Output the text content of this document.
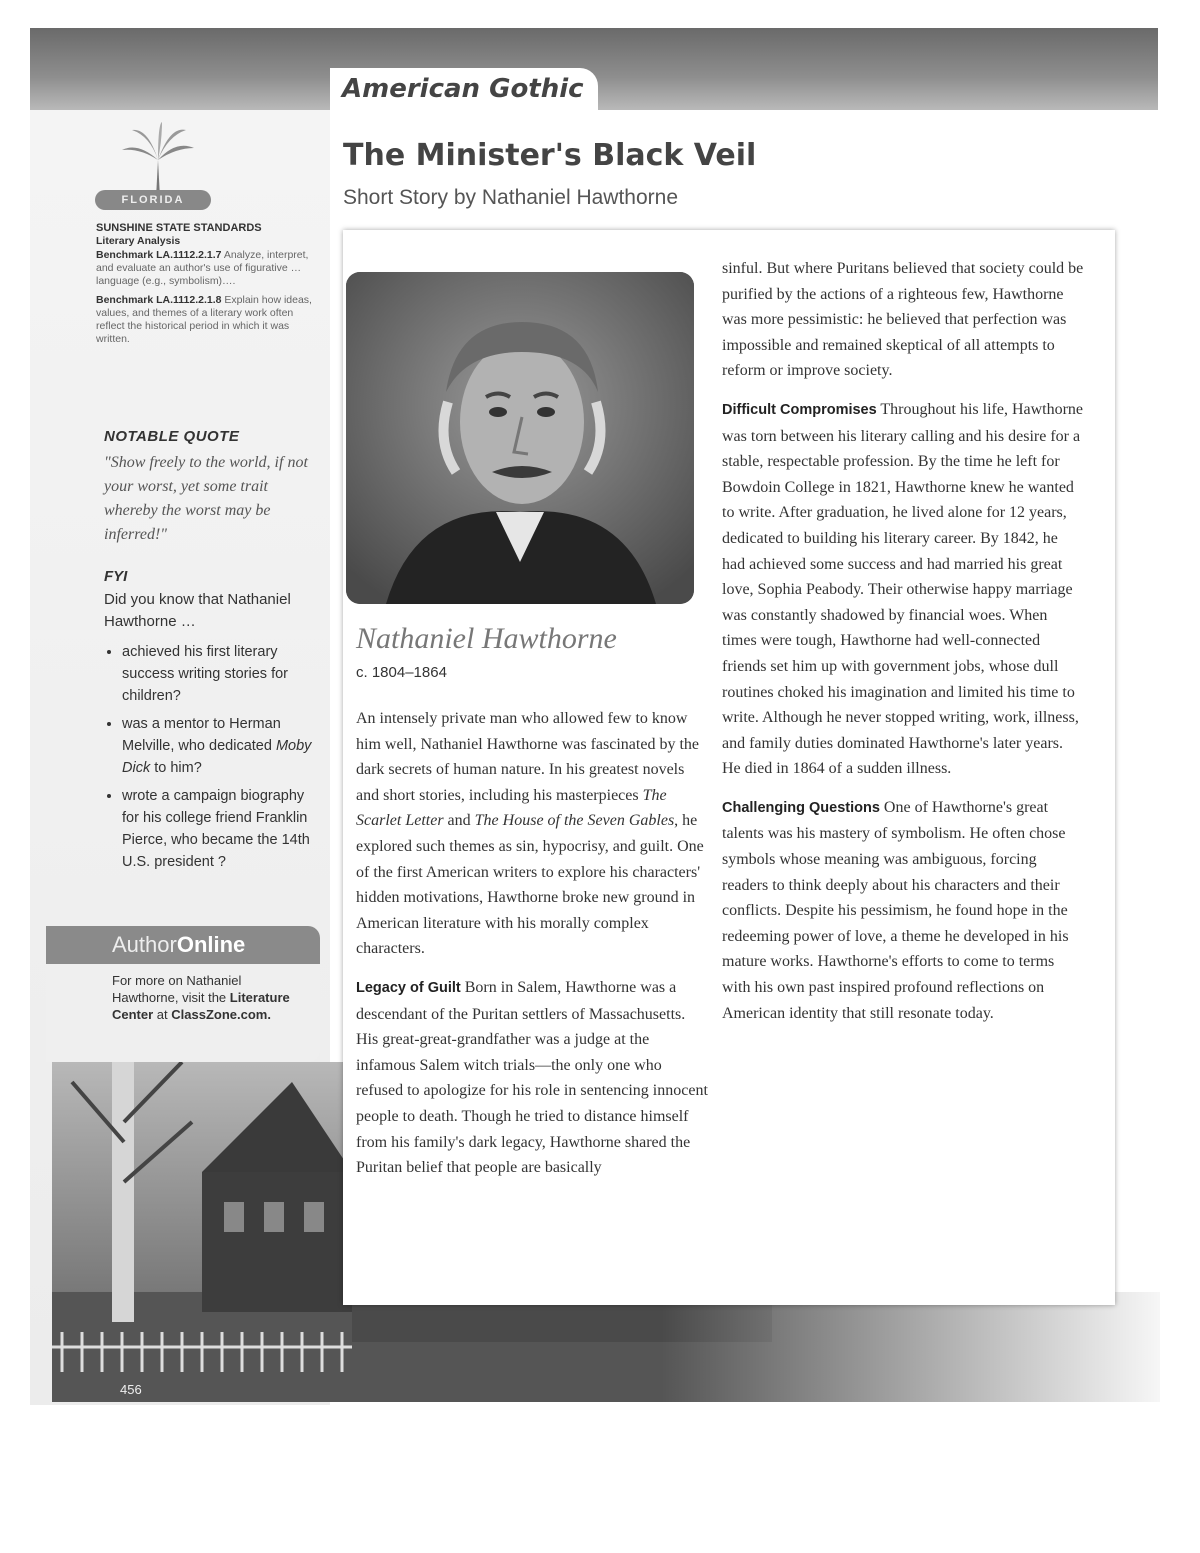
American Gothic
FLORIDA

SUNSHINE STATE STANDARDS
Literary Analysis

Benchmark LA.1112.2.1.7 Analyze, interpret, and evaluate an author's use of figurative … language (e.g., symbolism)….

Benchmark LA.1112.2.1.8 Explain how ideas, values, and themes of a literary work often reflect the historical period in which it was written.

NOTABLE QUOTE
"Show freely to the world, if not your worst, yet some trait whereby the worst may be inferred!"
FYI
Did you know that Nathaniel Hawthorne …
• achieved his first literary success writing stories for children?
• was a mentor to Herman Melville, who dedicated Moby Dick to him?
• wrote a campaign biography for his college friend Franklin Pierce, who became the 14th U.S. president ?
456
AuthorOnline
For more on Nathaniel Hawthorne, visit the Literature Center at ClassZone.com.
The Minister's Black Veil
Short Story by Nathaniel Hawthorne
Nathaniel Hawthorne
c. 1804–1864

An intensely private man who allowed few to know him well, Nathaniel Hawthorne was fascinated by the dark secrets of human nature. In his greatest novels and short stories, including his masterpieces The Scarlet Letter and The House of the Seven Gables, he explored such themes as sin, hypocrisy, and guilt. One of the first American writers to explore his characters' hidden motivations, Hawthorne broke new ground in American literature with his morally complex characters.

Legacy of Guilt Born in Salem, Hawthorne was a descendant of the Puritan settlers of Massachusetts. His great-great-grandfather was a judge at the infamous Salem witch trials—the only one who refused to apologize for his role in sentencing innocent people to death. Though he tried to distance himself from his family's dark legacy, Hawthorne shared the Puritan belief that people are basically

sinful. But where Puritans believed that society could be purified by the actions of a righteous few, Hawthorne was more pessimistic: he believed that perfection was impossible and remained skeptical of all attempts to reform or improve society.

Difficult Compromises Throughout his life, Hawthorne was torn between his literary calling and his desire for a stable, respectable profession. By the time he left for Bowdoin College in 1821, Hawthorne knew he wanted to write. After graduation, he lived alone for 12 years, dedicated to building his literary career. By 1842, he had achieved some success and had married his great love, Sophia Peabody. Their otherwise happy marriage was constantly shadowed by financial woes. When times were tough, Hawthorne had well-connected friends set him up with government jobs, whose dull routines choked his imagination and limited his time to write. Although he never stopped writing, work, illness, and family duties dominated Hawthorne's later years. He died in 1864 of a sudden illness.

Challenging Questions One of Hawthorne's great talents was his mastery of symbolism. He often chose symbols whose meaning was ambiguous, forcing readers to think deeply about his characters and their conflicts. Despite his pessimism, he found hope in the redeeming power of love, a theme he developed in his mature works. Hawthorne's efforts to come to terms with his own past inspired profound reflections on American identity that still resonate today.
